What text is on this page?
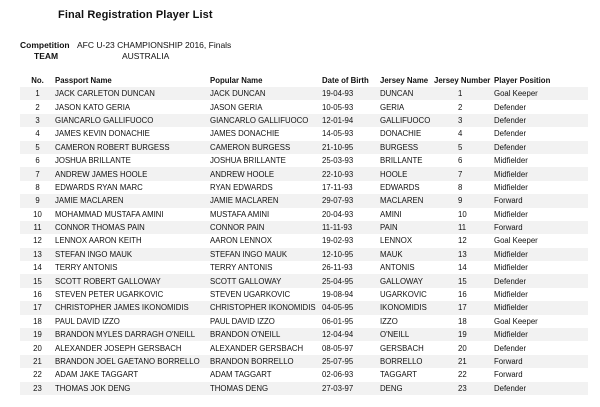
Final Registration Player List
Competition AFC U-23 CHAMPIONSHIP 2016, Finals
TEAM	AUSTRALIA
No.	Passport Name	Popular Name	Date of Birth	Jersey Name	Jersey Number	Player Position
1	JACK CARLETON DUNCAN	JACK DUNCAN	19-04-93	DUNCAN	1	Goal Keeper
2	JASON KATO GERIA	JASON GERIA	10-05-93	GERIA	2	Defender
3	GIANCARLO GALLIFUOCO	GIANCARLO GALLIFUOCO	12-01-94	GALLIFUOCO	3	Defender
4	JAMES KEVIN DONACHIE	JAMES DONACHIE	14-05-93	DONACHIE	4	Defender
5	CAMERON ROBERT BURGESS	CAMERON BURGESS	21-10-95	BURGESS	5	Defender
6	JOSHUA BRILLANTE	JOSHUA BRILLANTE	25-03-93	BRILLANTE	6	Midfielder
7	ANDREW JAMES HOOLE	ANDREW HOOLE	22-10-93	HOOLE	7	Midfielder
8	EDWARDS RYAN MARC	RYAN EDWARDS	17-11-93	EDWARDS	8	Midfielder
9	JAMIE MACLAREN	JAMIE MACLAREN	29-07-93	MACLAREN	9	Forward
10	MOHAMMAD MUSTAFA AMINI	MUSTAFA AMINI	20-04-93	AMINI	10	Midfielder
11	CONNOR THOMAS PAIN	CONNOR PAIN	11-11-93	PAIN	11	Forward
12	LENNOX AARON KEITH	AARON LENNOX	19-02-93	LENNOX	12	Goal Keeper
13	STEFAN INGO MAUK	STEFAN INGO MAUK	12-10-95	MAUK	13	Midfielder
14	TERRY ANTONIS	TERRY ANTONIS	26-11-93	ANTONIS	14	Midfielder
15	SCOTT ROBERT GALLOWAY	SCOTT GALLOWAY	25-04-95	GALLOWAY	15	Defender
16	STEVEN PETER UGARKOVIC	STEVEN UGARKOVIC	19-08-94	UGARKOVIC	16	Midfielder
17	CHRISTOPHER JAMES IKONOMIDIS	CHRISTOPHER IKONOMIDIS	04-05-95	IKONOMIDIS	17	Midfielder
18	PAUL DAVID IZZO	PAUL DAVID IZZO	06-01-95	IZZO	18	Goal Keeper
19	BRANDON MYLES DARRAGH O'NEILL	BRANDON O'NEILL	12-04-94	O'NEILL	19	Midfielder
20	ALEXANDER JOSEPH GERSBACH	ALEXANDER GERSBACH	08-05-97	GERSBACH	20	Defender
21	BRANDON JOEL GAETANO BORRELLO	BRANDON BORRELLO	25-07-95	BORRELLO	21	Forward
22	ADAM JAKE TAGGART	ADAM TAGGART	02-06-93	TAGGART	22	Forward
23	THOMAS JOK DENG	THOMAS DENG	27-03-97	DENG	23	Defender
